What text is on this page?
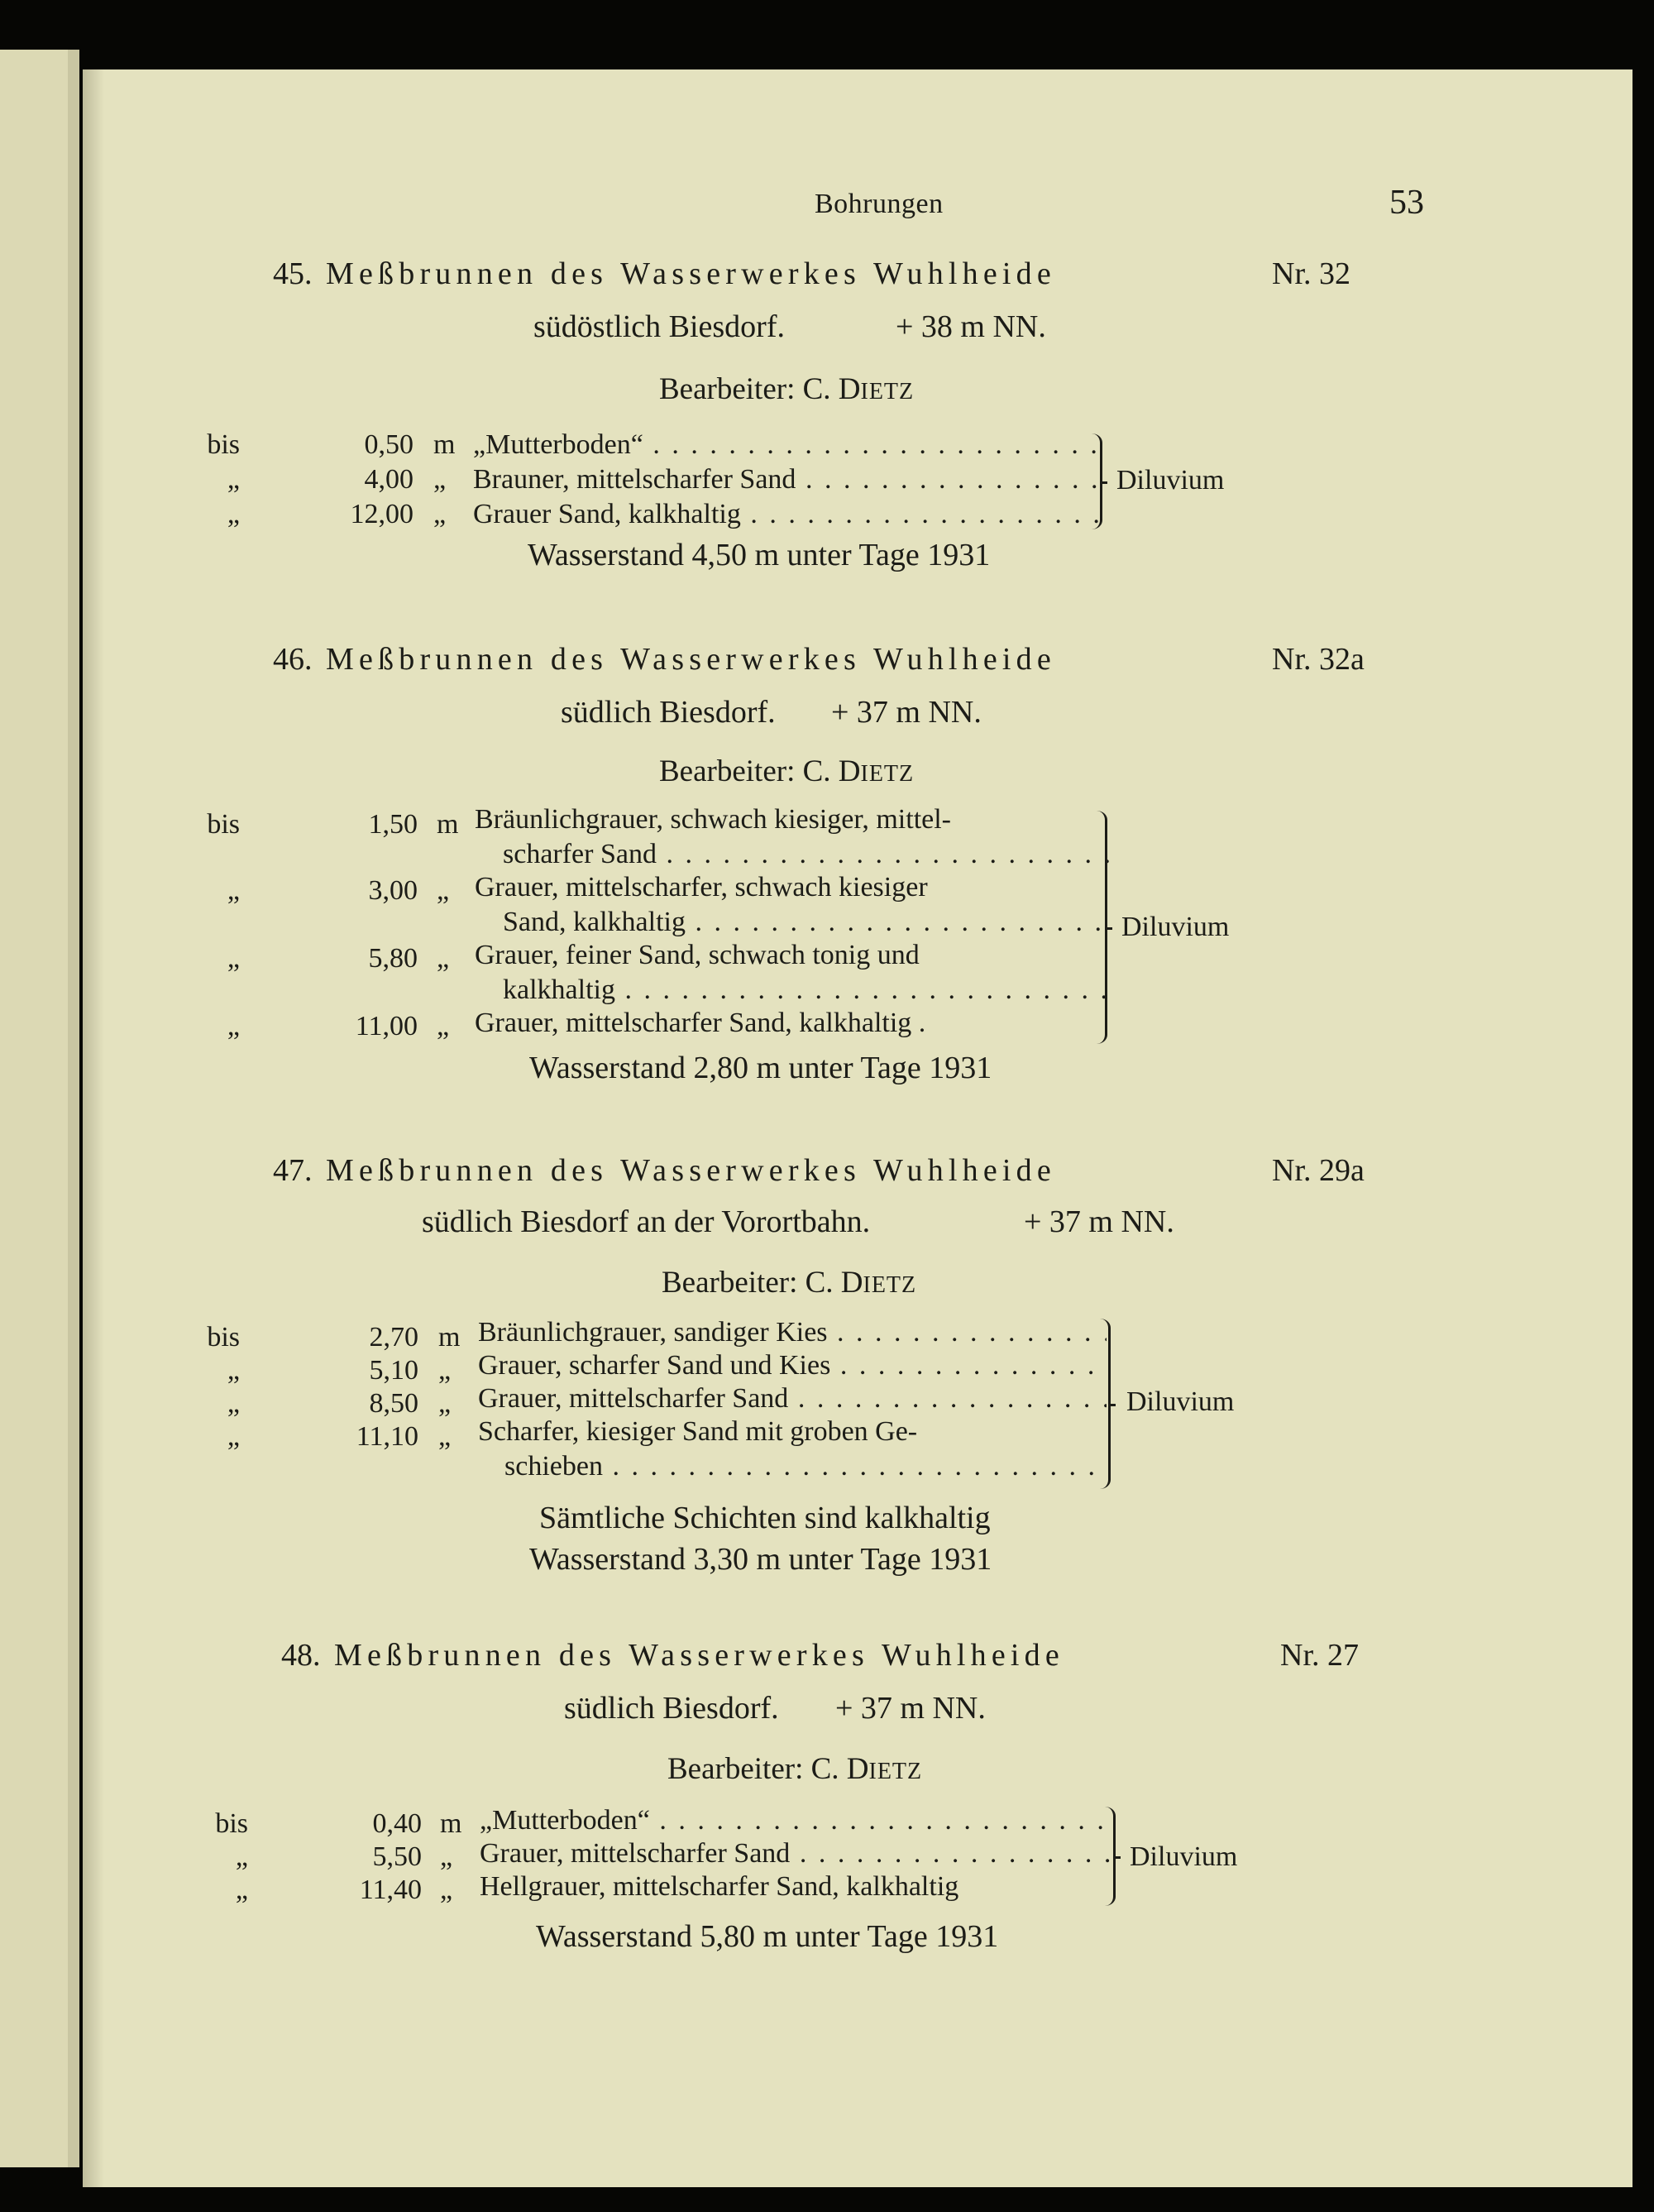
Bohrungen	53
45. Meßbrunnen des Wasserwerkes Wuhlheide	Nr. 32
südöstlich Biesdorf.	+ 38 m NN.
Bearbeiter: C. DIETZ
bis	0,50 m „Mutterboden“ . . .
„	4,00 „ Brauner, mittelscharfer Sand . . .
„	12,00 „ Grauer Sand, kalkhaltig . . .
Diluvium
Wasserstand 4,50 m unter Tage 1931
46. Meßbrunnen des Wasserwerkes Wuhlheide	Nr. 32a
südlich Biesdorf. + 37 m NN.
Bearbeiter: C. DIETZ
bis	1,50 m Bräunlichgrauer, schwach kiesiger, mittel-
scharfer Sand . . .
„	3,00 „ Grauer, mittelscharfer, schwach kiesiger
Sand, kalkhaltig . . .
„	5,80 „ Grauer, feiner Sand, schwach tonig und
kalkhaltig . . .
„	11,00 „ Grauer, mittelscharfer Sand, kalkhaltig .
Diluvium
Wasserstand 2,80 m unter Tage 1931
47. Meßbrunnen des Wasserwerkes Wuhlheide	Nr. 29a
südlich Biesdorf an der Vorortbahn.	+ 37 m NN.
Bearbeiter: C. DIETZ
bis	2,70 m Bräunlichgrauer, sandiger Kies . . .
„	5,10 „ Grauer, scharfer Sand und Kies . . .
„	8,50 „ Grauer, mittelscharfer Sand . . .
„	11,10 „ Scharfer, kiesiger Sand mit groben Ge-
schieben . . .
Diluvium
Sämtliche Schichten sind kalkhaltig
Wasserstand 3,30 m unter Tage 1931
48. Meßbrunnen des Wasserwerkes Wuhlheide	Nr. 27
südlich Biesdorf. + 37 m NN.
Bearbeiter: C. DIETZ
bis	0,40 m „Mutterboden“ . . .
„	5,50 „ Grauer, mittelscharfer Sand . . .
„	11,40 „ Hellgrauer, mittelscharfer Sand, kalkhaltig
Diluvium
Wasserstand 5,80 m unter Tage 1931
